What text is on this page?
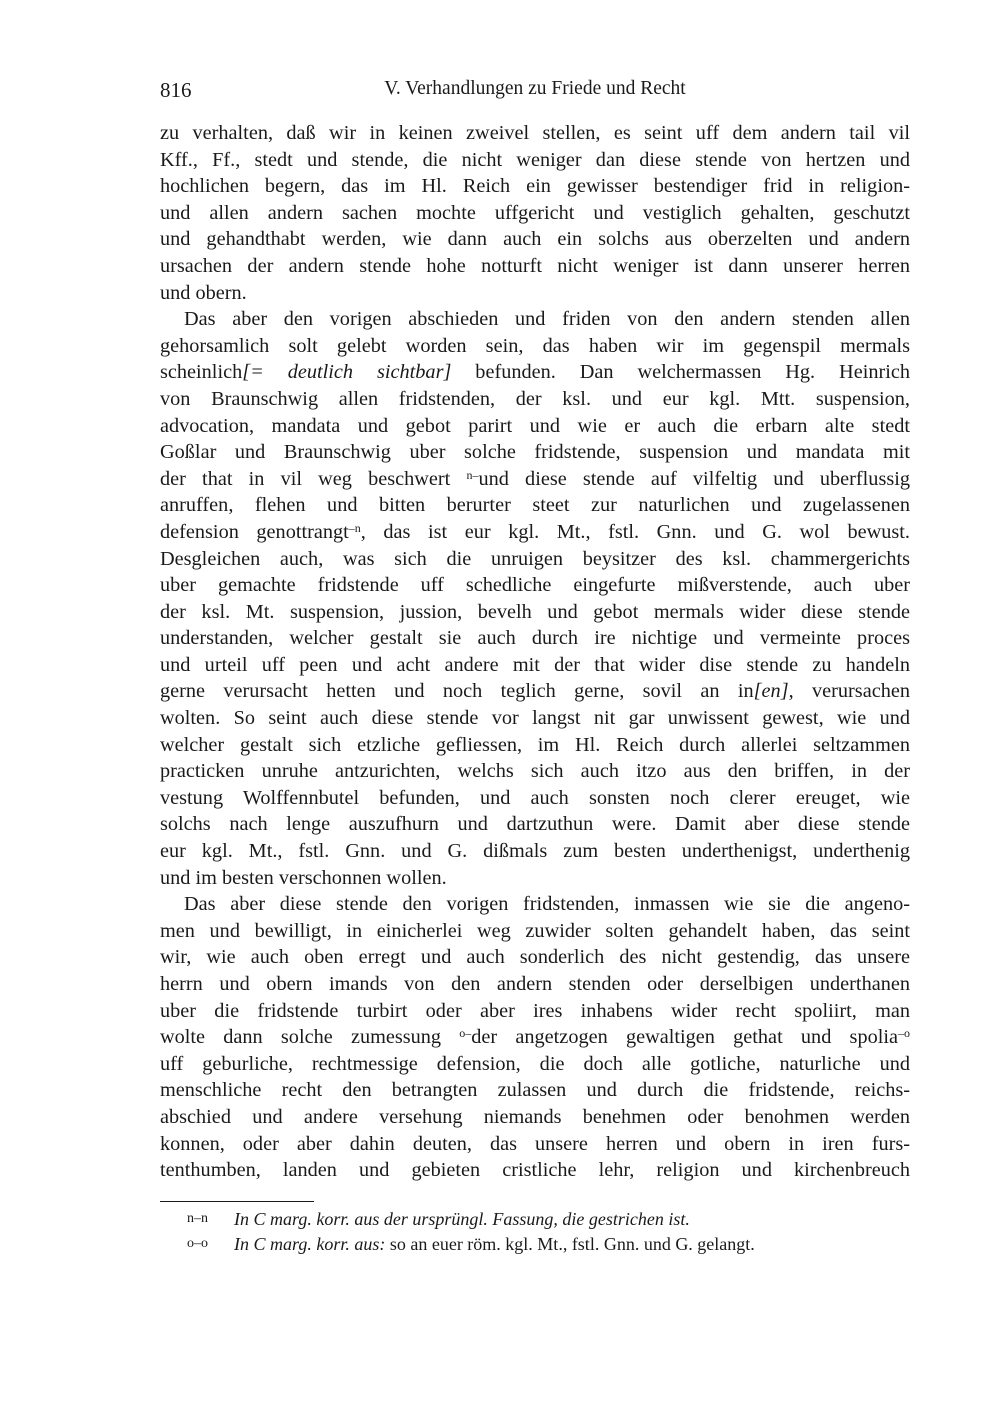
816	V. Verhandlungen zu Friede und Recht
zu verhalten, daß wir in keinen zweivel stellen, es seint uff dem andern tail vil
Kff., Ff., stedt und stende, die nicht weniger dan diese stende von hertzen und
hochlichen begern, das im Hl. Reich ein gewisser bestendiger frid in religion-
und allen andern sachen mochte uffgericht und vestiglich gehalten, geschutzt
und gehandthabt werden, wie dann auch ein solchs aus oberzelten und andern
ursachen der andern stende hohe notturft nicht weniger ist dann unserer herren
und obern.
Das aber den vorigen abschieden und friden von den andern stenden allen
gehorsamlich solt gelebt worden sein, das haben wir im gegenspil mermals
scheinlich[= deutlich sichtbar] befunden. Dan welchermassen Hg. Heinrich
von Braunschwig allen fridstenden, der ksl. und eur kgl. Mtt. suspension,
advocation, mandata und gebot parirt und wie er auch die erbarn alte stedt
Goßlar und Braunschwig uber solche fridstende, suspension und mandata mit
der that in vil weg beschwert $^{n-}$und diese stende auf vilfeltig und uberflussig
anruffen, flehen und bitten berurter steet zur naturlichen und zugelassenen
defension genottrangt$^{-n}$, das ist eur kgl. Mt., fstl. Gnn. und G. wol bewust.
Desgleichen auch, was sich die unruigen beysitzer des ksl. chammergerichts
uber gemachte fridstende uff schedliche eingefurte mißverstende, auch uber
der ksl. Mt. suspension, jussion, bevelh und gebot mermals wider diese stende
understanden, welcher gestalt sie auch durch ire nichtige und vermeinte proces
und urteil uff peen und acht andere mit der that wider dise stende zu handeln
gerne verursacht hetten und noch teglich gerne, sovil an in[en], verursachen
wolten. So seint auch diese stende vor langst nit gar unwissent gewest, wie und
welcher gestalt sich etzliche gefliessen, im Hl. Reich durch allerlei seltzammen
practicken unruhe antzurichten, welchs sich auch itzo aus den briffen, in der
vestung Wolffennbutel befunden, und auch sonsten noch clerer ereuget, wie
solchs nach lenge auszufhurn und dartzuthun were. Damit aber diese stende
eur kgl. Mt., fstl. Gnn. und G. dißmals zum besten underthenigst, underthenig
und im besten verschonnen wollen.
Das aber diese stende den vorigen fridstenden, inmassen wie sie die angeno-
men und bewilligt, in einicherlei weg zuwider solten gehandelt haben, das seint
wir, wie auch oben erregt und auch sonderlich des nicht gestendig, das unsere
herrn und obern imands von den andern stenden oder derselbigen underthanen
uber die fridstende turbirt oder aber ires inhabens wider recht spoliirt, man
wolte dann solche zumessung $^{o-}$der angetzogen gewaltigen gethat und spolia$^{-o}$
uff geburliche, rechtmessige defension, die doch alle gotliche, naturliche und
menschliche recht den betrangten zulassen und durch die fridstende, reichs-
abschied und andere versehung niemands benehmen oder benohmen werden
konnen, oder aber dahin deuten, das unsere herren und obern in iren furs-
tenthumben, landen und gebieten cristliche lehr, religion und kirchenbreuch
n–n In C marg. korr. aus der ursprüngl. Fassung, die gestrichen ist.
o–o In C marg. korr. aus: so an euer röm. kgl. Mt., fstl. Gnn. und G. gelangt.
